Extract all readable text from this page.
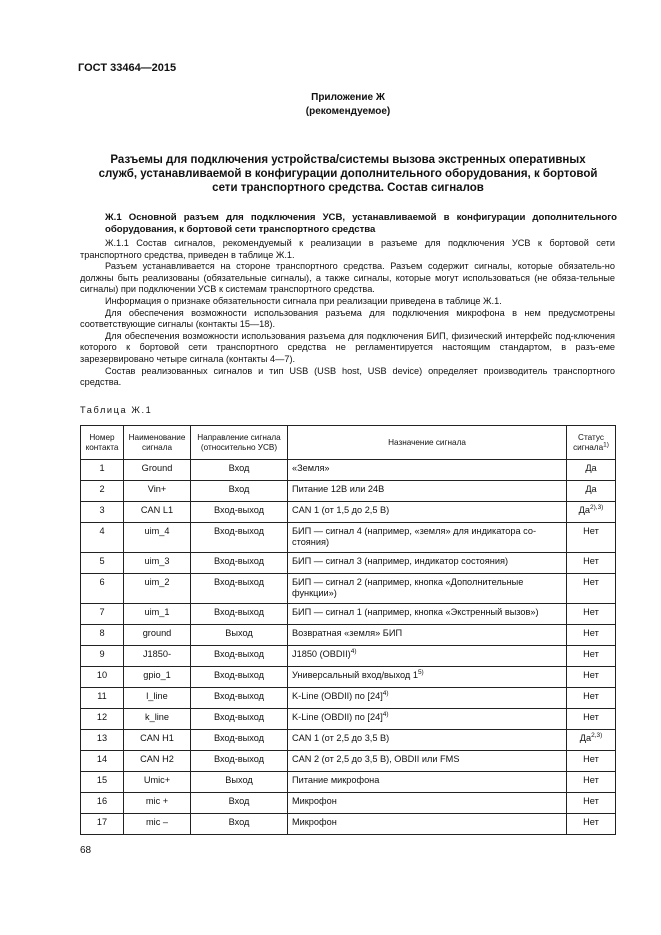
ГОСТ 33464—2015
Приложение Ж
(рекомендуемое)
Разъемы для подключения устройства/системы вызова экстренных оперативных служб, устанавливаемой в конфигурации дополнительного оборудования, к бортовой сети транспортного средства. Состав сигналов
Ж.1 Основной разъем для подключения УСВ, устанавливаемой в конфигурации дополнительного оборудования, к бортовой сети транспортного средства

Ж.1.1 Состав сигналов, рекомендуемый к реализации в разъеме для подключения УСВ к бортовой сети транспортного средства, приведен в таблице Ж.1.

Разъем устанавливается на стороне транспортного средства. Разъем содержит сигналы, которые обязатель-но должны быть реализованы (обязательные сигналы), а также сигналы, которые могут использоваться (не обяза-тельные сигналы) при подключении УСВ к системам транспортного средства.

Информация о признаке обязательности сигнала при реализации приведена в таблице Ж.1.

Для обеспечения возможности использования разъема для подключения микрофона в нем предусмотрены соответствующие сигналы (контакты 15—18).

Для обеспечения возможности использования разъема для подключения БИП, физический интерфейс под-ключения которого к бортовой сети транспортного средства не регламентируется настоящим стандартом, в разъ-еме зарезервировано четыре сигнала (контакты 4—7).

Состав реализованных сигналов и тип USB (USB host, USB device) определяет производитель транспортного средства.

Таблица Ж.1
Номер контакта	Наименование сигнала	Направление сигнала (относительно УСВ)	Назначение сигнала	Статус сигнала$^{1)}$
1	Ground	Вход	«Земля»	Да
2	Vin+	Вход	Питание 12В или 24В	Да
3	CAN L1	Вход-выход	CAN 1 (от 1,5 до 2,5 В)	$Да^{2),3)}$
4	uim_4	Вход-выход	БИП — сигнал 4 (например, «земля» для индикатора со-стояния)	Нет
5	uim_3	Вход-выход	БИП — сигнал 3 (например, индикатор состояния)	Нет
6	uim_2	Вход-выход	БИП — сигнал 2 (например, кнопка «Дополнительные функции»)	Нет
7	uim_1	Вход-выход	БИП — сигнал 1 (например, кнопка «Экстренный вызов»)	Нет
8	ground	Выход	Возвратная «земля» БИП	Нет
9	J1850-	Вход-выход	J1850 (OBDII)$^{4)}$	Нет
10	gpio_1	Вход-выход	Универсальный вход/выход 1$^{5)}$	Нет
11	l_line	Вход-выход	K-Line (OBDII) по $[24]^{4)}$	Нет
12	k_line	Вход-выход	K-Line (OBDII) по $[24]^{4)}$	Нет
13	CAN H1	Вход-выход	CAN 1 (от 2,5 до 3,5 В)	Да$^{2,3)}$
14	CAN H2	Вход-выход	CAN 2 (от 2,5 до 3,5 В), OBDII или FMS	Нет
15	Umic+	Выход	Питание микрофона	Нет
16	mic +	Вход	Микрофон	Нет
17	mic –	Вход	Микрофон	Нет
68
